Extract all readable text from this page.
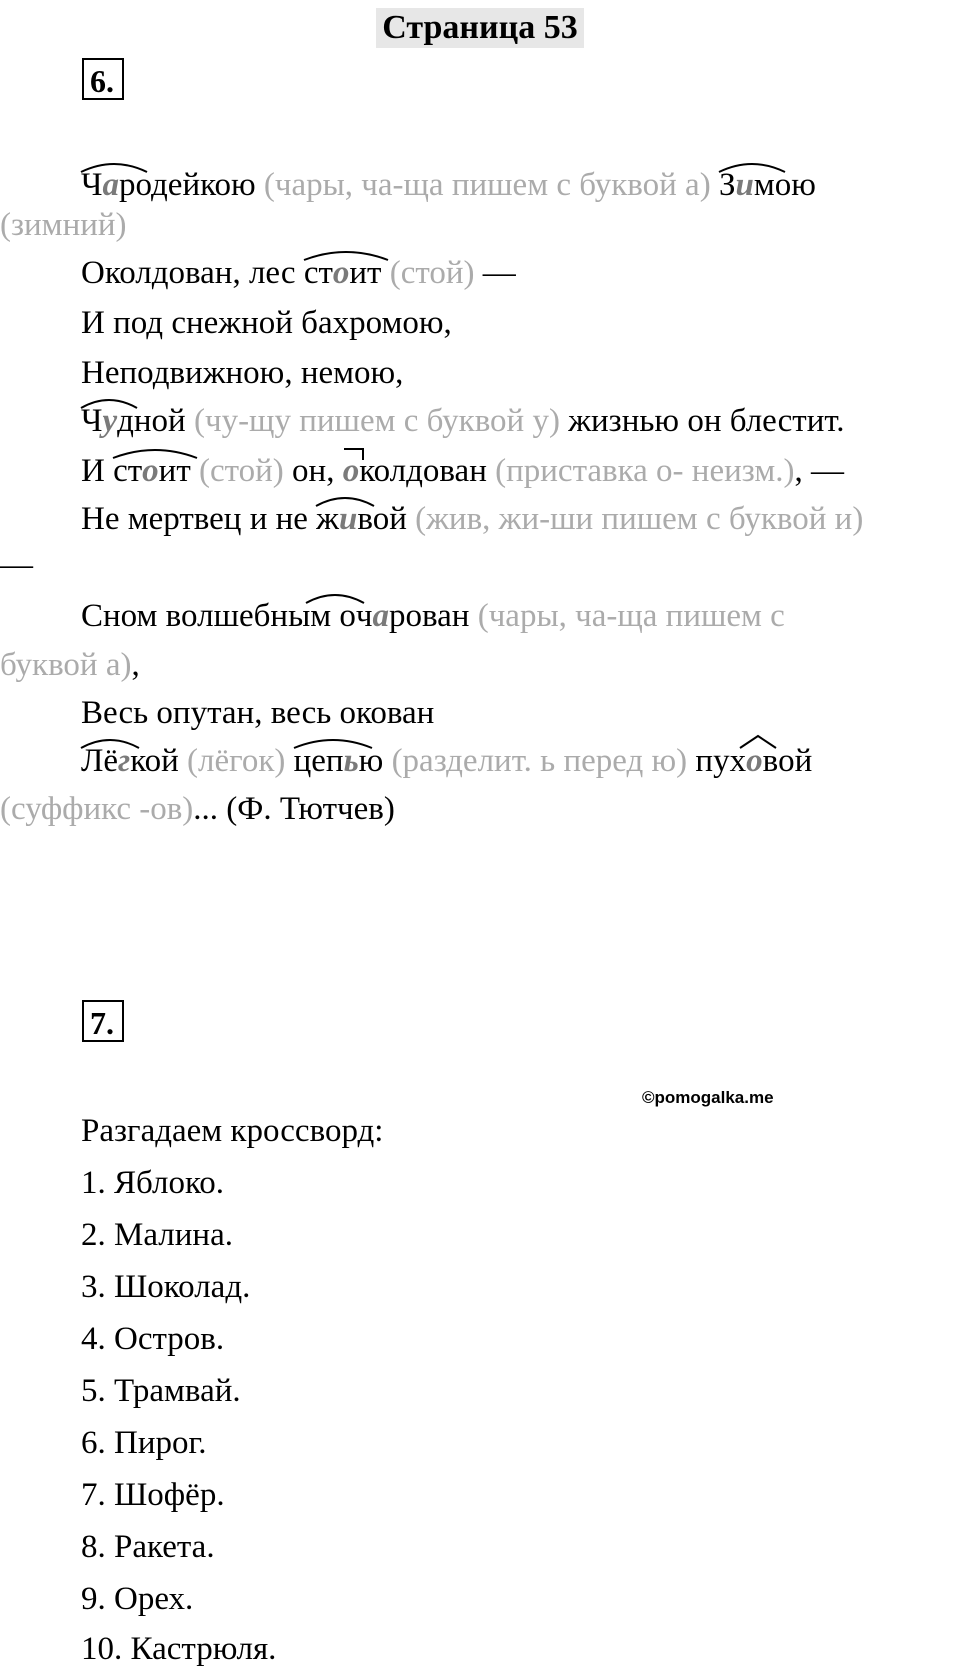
Страница 53
6.
Чародейкою (чары, ча-ща пишем с буквой а) Зимою
(зимний)
Околдован, лес
стоит (стой) —
И под снежной бахромою,
Неподвижною, немою,
Чудной (чу-щу пишем с буквой у) жизнью он блестит.
И
стоит (стой) он,
околдован (приставка о- неизм.), —
Не мертвец и не
живой (жив, жи-ши пишем с буквой и)
—
Сном волшебным очар
ован (чары, ча-ща пишем с
буквой а),
Весь опутан, весь окован
Лёгкой (лёгок) цепью (разделит. ь перед ю) пух
овой
(суффикс -ов)... (Ф. Тютчев)
7.
©pomogalka.me
Разгадаем кроссворд:
1. Яблоко.
2. Малина.
3. Шоколад.
4. Остров.
5. Трамвай.
6. Пирог.
7. Шофёр.
8. Ракета.
9. Орех.
10. Кастрюля.
